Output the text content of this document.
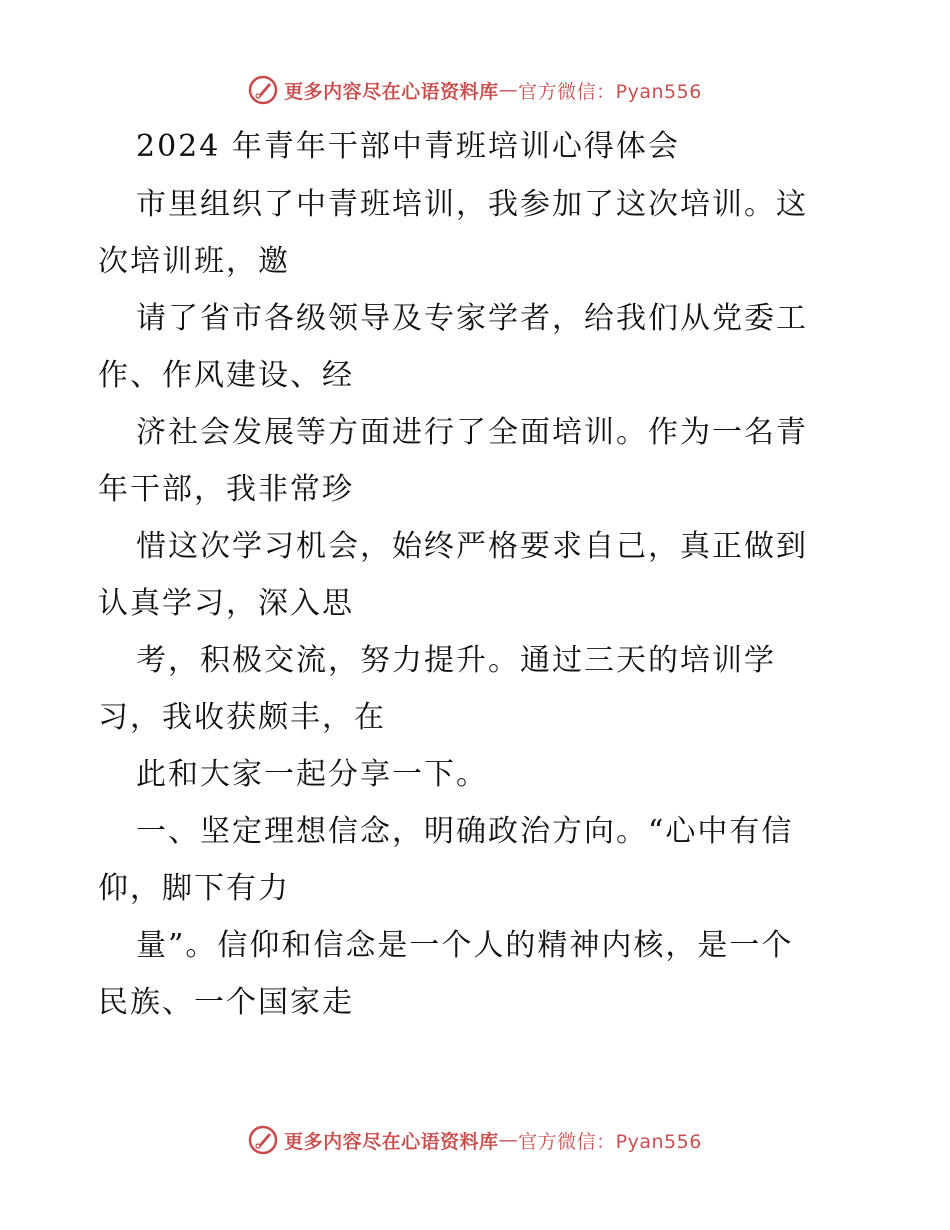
更多内容尽在心语资料库 — 官方微信：Pyan556
2024 年青年干部中青班培训心得体会
市里组织了中青班培训，我参加了这次培训。这
次培训班，邀
请了省市各级领导及专家学者，给我们从党委工
作、作风建设、经
济社会发展等方面进行了全面培训。作为一名青
年干部，我非常珍
惜这次学习机会，始终严格要求自己，真正做到
认真学习，深入思
考，积极交流，努力提升。通过三天的培训学
习，我收获颇丰，在
此和大家一起分享一下。
一、坚定理想信念，明确政治方向。“心中有信
仰，脚下有力
量”。信仰和信念是一个人的精神内核，是一个
民族、一个国家走
更多内容尽在心语资料库 — 官方微信：Pyan556
